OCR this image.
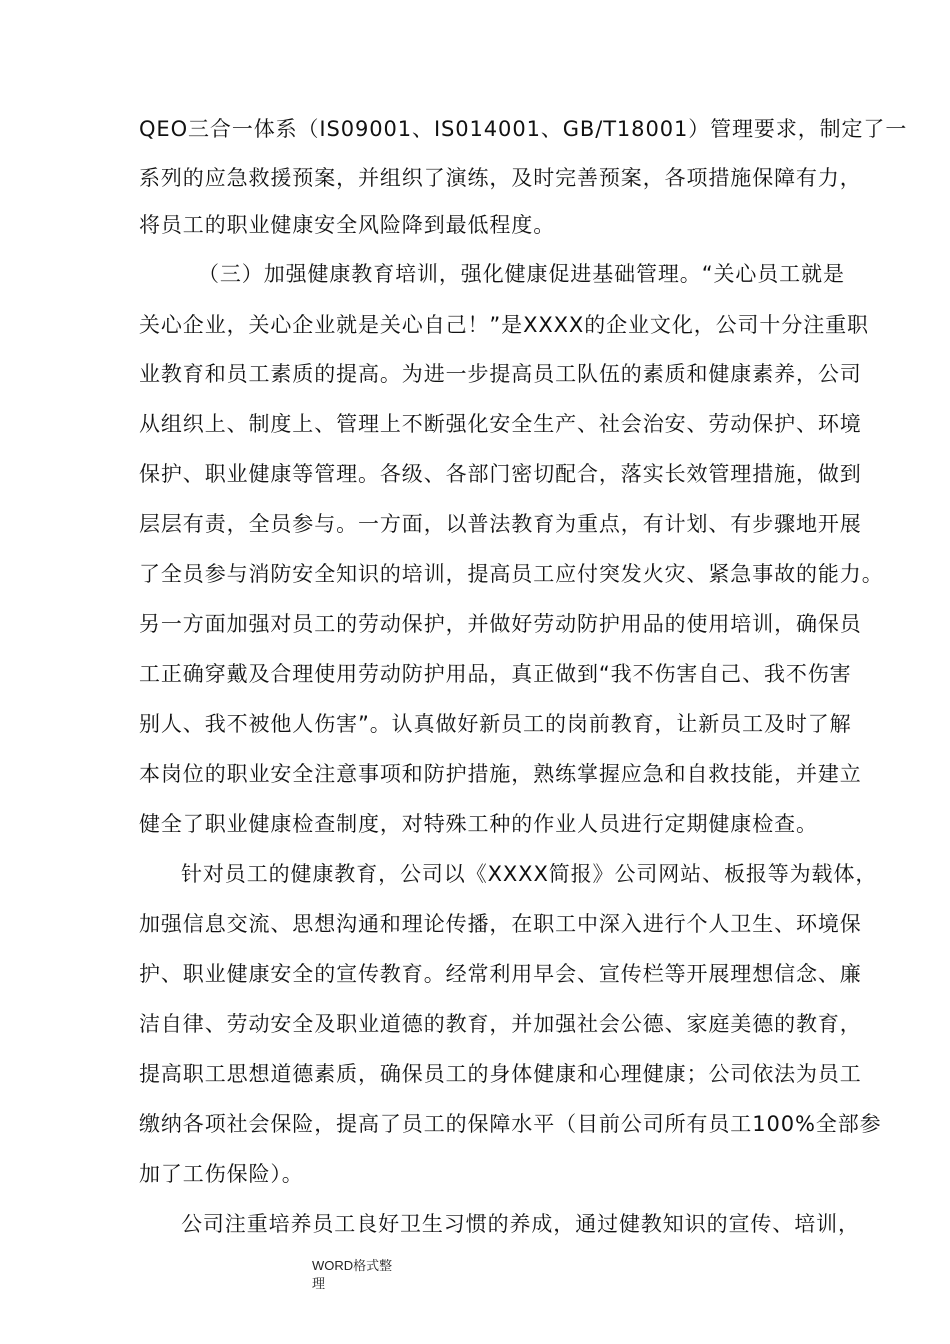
QEO三合一体系（IS09001、IS014001、GB/T18001）管理要求，制定了一

系列的应急救援预案，并组织了演练，及时完善预案，各项措施保障有力，

将员工的职业健康安全风险降到最低程度。

（三）加强健康教育培训，强化健康促进基础管理。“关心员工就是

关心企业，关心企业就是关心自己！”是XXXX的企业文化，公司十分注重职

业教育和员工素质的提高。为进一步提高员工队伍的素质和健康素养，公司

从组织上、制度上、管理上不断强化安全生产、社会治安、劳动保护、环境

保护、职业健康等管理。各级、各部门密切配合，落实长效管理措施，做到

层层有责，全员参与。一方面，以普法教育为重点，有计划、有步骤地开展

了全员参与消防安全知识的培训，提高员工应付突发火灾、紧急事故的能力。

另一方面加强对员工的劳动保护，并做好劳动防护用品的使用培训，确保员

工正确穿戴及合理使用劳动防护用品，真正做到“我不伤害自己、我不伤害

别人、我不被他人伤害”。认真做好新员工的岗前教育，让新员工及时了解

本岗位的职业安全注意事项和防护措施，熟练掌握应急和自救技能，并建立

健全了职业健康检查制度，对特殊工种的作业人员进行定期健康检查。

针对员工的健康教育，公司以《XXXX简报》公司网站、板报等为载体，

加强信息交流、思想沟通和理论传播，在职工中深入进行个人卫生、环境保

护、职业健康安全的宣传教育。经常利用早会、宣传栏等开展理想信念、廉

洁自律、劳动安全及职业道德的教育，并加强社会公德、家庭美德的教育，

提高职工思想道德素质，确保员工的身体健康和心理健康；公司依法为员工

缴纳各项社会保险，提高了员工的保障水平（目前公司所有员工100%全部参

加了工伤保险）。

公司注重培养员工良好卫生习惯的养成，通过健教知识的宣传、培训，

WORD格式整
理
